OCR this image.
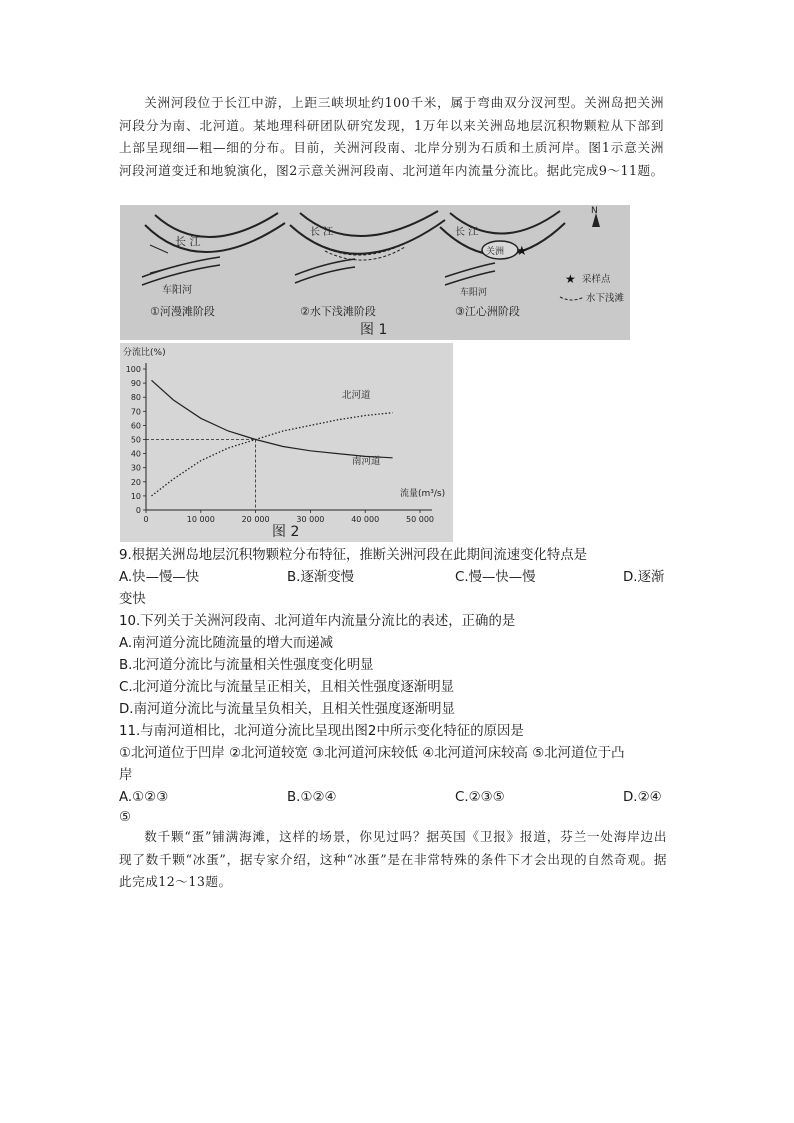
关洲河段位于长江中游，上距三峡坝址约100千米，属于弯曲双分汊河型。关洲岛把关洲河段分为南、北河道。某地理科研团队研究发现，1万年以来关洲岛地层沉积物颗粒从下部到上部呈现细—粗—细的分布。目前，关洲河段南、北岸分别为石质和土质河岸。图1示意关洲河段河道变迁和地貌演化，图2示意关洲河段南、北河道年内流量分流比。据此完成9～11题。

长 江
车阳河
①河漫滩阶段
长 江
②水下浅滩阶段
关洲 ★
长 江
车阳河
③江心洲阶段
N
★ 采样点
水下浅滩
图 1
分流比(%)
流量(m³/s)
0
10
20
30
40
50
60
70
80
90
100
0	10 000	20 000	30 000	40 000	50 000
北河道
南河道
图 2
9.根据关洲岛地层沉积物颗粒分布特征，推断关洲河段在此期间流速变化特点是
A.快—慢—快	B.逐渐变慢	C.慢—快—慢	D.逐渐
变快
10.下列关于关洲河段南、北河道年内流量分流比的表述，正确的是
A.南河道分流比随流量的增大而递减
B.北河道分流比与流量相关性强度变化明显
C.北河道分流比与流量呈正相关，且相关性强度逐渐明显
D.南河道分流比与流量呈负相关，且相关性强度逐渐明显
11.与南河道相比，北河道分流比呈现出图2中所示变化特征的原因是
①北河道位于凹岸 ②北河道较宽 ③北河道河床较低 ④北河道河床较高 ⑤北河道位于凸
岸
A.①②③	B.①②④	C.②③⑤	D.②④
⑤

数千颗“蛋”铺满海滩，这样的场景，你见过吗？据英国《卫报》报道，芬兰一处海岸边出现了数千颗“冰蛋”，据专家介绍，这种“冰蛋”是在非常特殊的条件下才会出现的自然奇观。据此完成12～13题。
